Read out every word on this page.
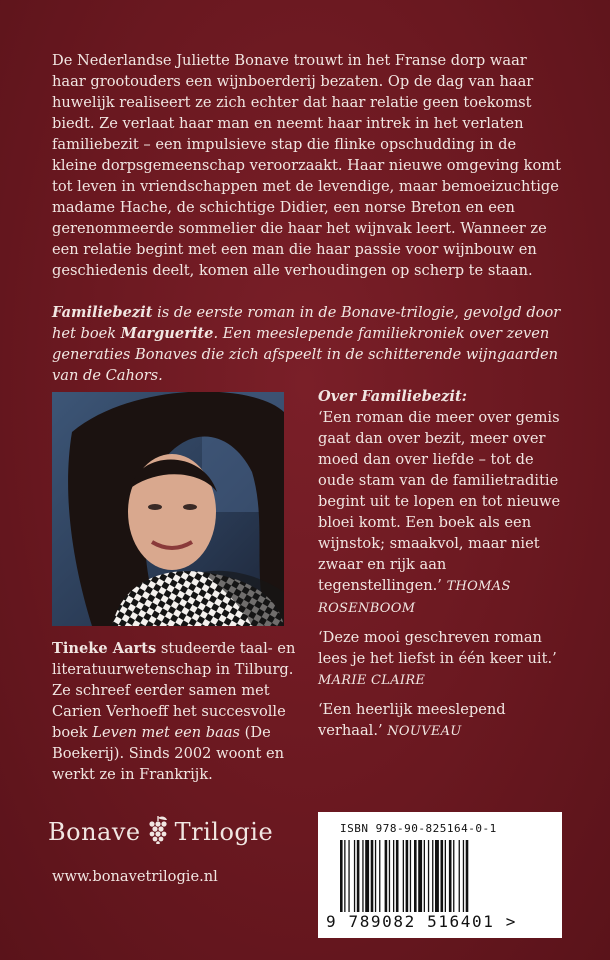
De Nederlandse Juliette Bonave trouwt in het Franse dorp waar haar grootouders een wijnboerderij bezaten. Op de dag van haar huwelijk realiseert ze zich echter dat haar relatie geen toekomst biedt. Ze verlaat haar man en neemt haar intrek in het verlaten familiebezit – een impulsieve stap die flinke opschudding in de kleine dorpsgemeenschap veroorzaakt. Haar nieuwe omgeving komt tot leven in vriendschappen met de levendige, maar bemoeizuchtige madame Hache, de schichtige Didier, een norse Breton en een gerenommeerde sommelier die haar het wijnvak leert. Wanneer ze een relatie begint met een man die haar passie voor wijnbouw en geschiedenis deelt, komen alle verhoudingen op scherp te staan.

Familiebezit is de eerste roman in de Bonave-trilogie, gevolgd door het boek Marguerite. Een meeslepende familiekroniek over zeven generaties Bonaves die zich afspeelt in de schitterende wijngaarden van de Cahors.

Tineke Aarts studeerde taal- en literatuurwetenschap in Tilburg. Ze schreef eerder samen met Carien Verhoeff het succesvolle boek Leven met een baas (De Boekerij). Sinds 2002 woont en werkt ze in Frankrijk.

Over Familiebezit:

‘Een roman die meer over gemis gaat dan over bezit, meer over moed dan over liefde – tot de oude stam van de familietraditie begint uit te lopen en tot nieuwe bloei komt. Een boek als een wijnstok; smaakvol, maar niet zwaar en rijk aan tegenstellingen.’ THOMAS ROSENBOOM

‘Deze mooi geschreven roman lees je het liefst in één keer uit.’ MARIE CLAIRE

‘Een heerlijk meeslepend verhaal.’ NOUVEAU

Bonave Trilogie
www.bonavetrilogie.nl
ISBN 978-90-825164-0-1
9 789082 516401 >
